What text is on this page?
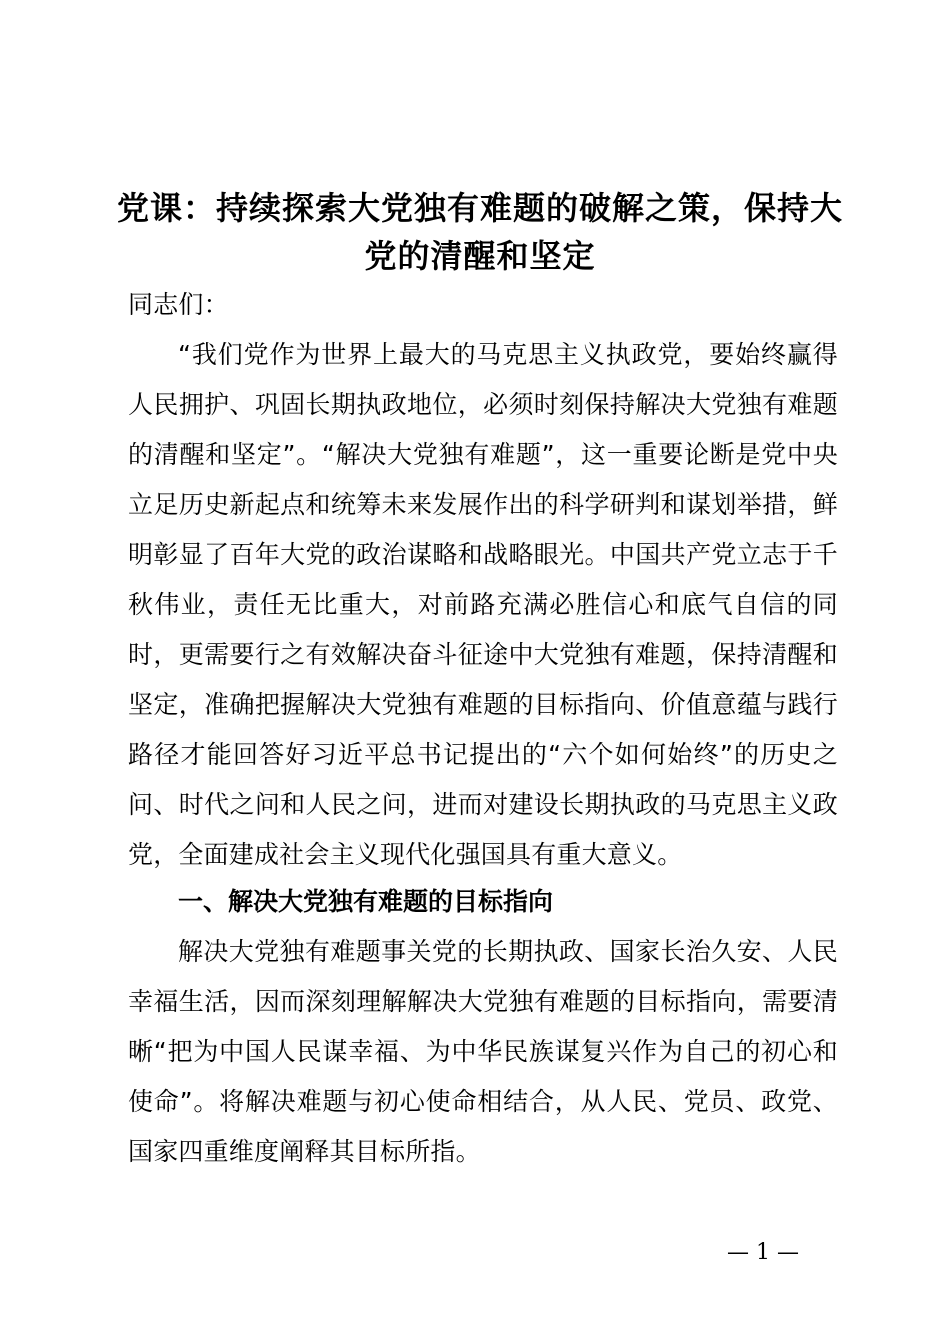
党课：持续探索大党独有难题的破解之策，保持大党的清醒和坚定
同志们：
“我们党作为世界上最大的马克思主义执政党，要始终赢得人民拥护、巩固长期执政地位，必须时刻保持解决大党独有难题的清醒和坚定”。“解决大党独有难题”，这一重要论断是党中央立足历史新起点和统筹未来发展作出的科学研判和谋划举措，鲜明彰显了百年大党的政治谋略和战略眼光。中国共产党立志于千秋伟业，责任无比重大，对前路充满必胜信心和底气自信的同时，更需要行之有效解决奋斗征途中大党独有难题，保持清醒和坚定，准确把握解决大党独有难题的目标指向、价值意蕴与践行路径才能回答好习近平总书记提出的“六个如何始终”的历史之问、时代之问和人民之问，进而对建设长期执政的马克思主义政党，全面建成社会主义现代化强国具有重大意义。
一、解决大党独有难题的目标指向
解决大党独有难题事关党的长期执政、国家长治久安、人民幸福生活，因而深刻理解解决大党独有难题的目标指向，需要清晰“把为中国人民谋幸福、为中华民族谋复兴作为自己的初心和使命”。将解决难题与初心使命相结合，从人民、党员、政党、国家四重维度阐释其目标所指。
— 1 —
